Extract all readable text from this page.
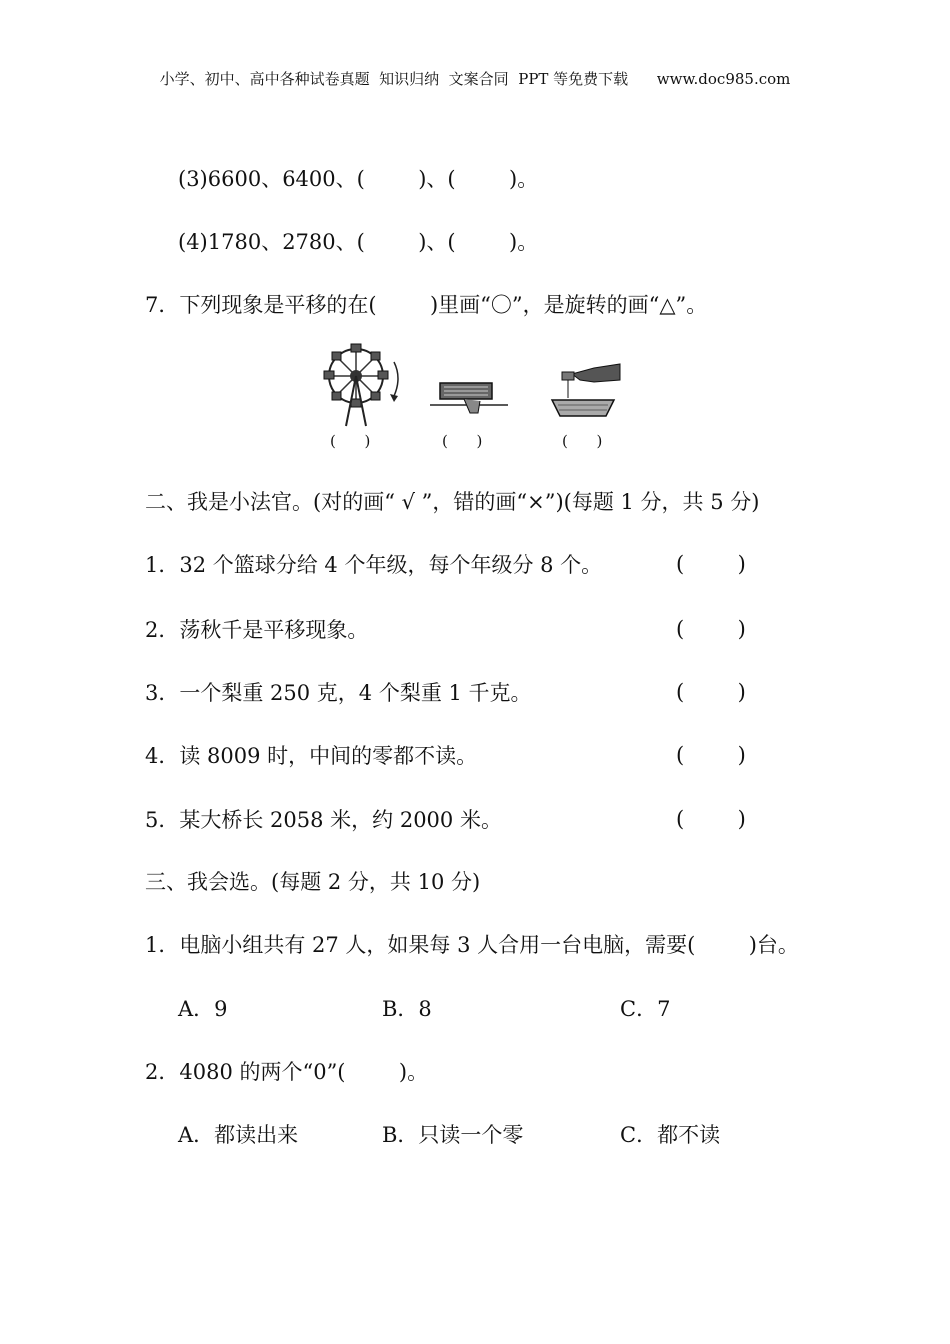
小学、初中、高中各种试卷真题  知识归纳  文案合同  PPT 等免费下载      www.doc985.com
(3)6600、6400、(        )、(        )。
(4)1780、2780、(        )、(        )。
7．下列现象是平移的在(        )里画“〇”，是旋转的画“△”。
(      )	(      )	(      )
二、我是小法官。(对的画“ √ ”，错的画“×”)(每题 1 分，共 5 分)
1．32 个篮球分给 4 个年级，每个年级分 8 个。	(        )
2．荡秋千是平移现象。	(        )
3．一个梨重 250 克，4 个梨重 1 千克。	(        )
4．读 8009 时，中间的零都不读。	(        )
5．某大桥长 2058 米，约 2000 米。	(        )
三、我会选。(每题 2 分，共 10 分)
1．电脑小组共有 27 人，如果每 3 人合用一台电脑，需要(        )台。
A．9	B．8	C．7
2．4080 的两个“0”(        )。
A．都读出来	B．只读一个零	C．都不读
